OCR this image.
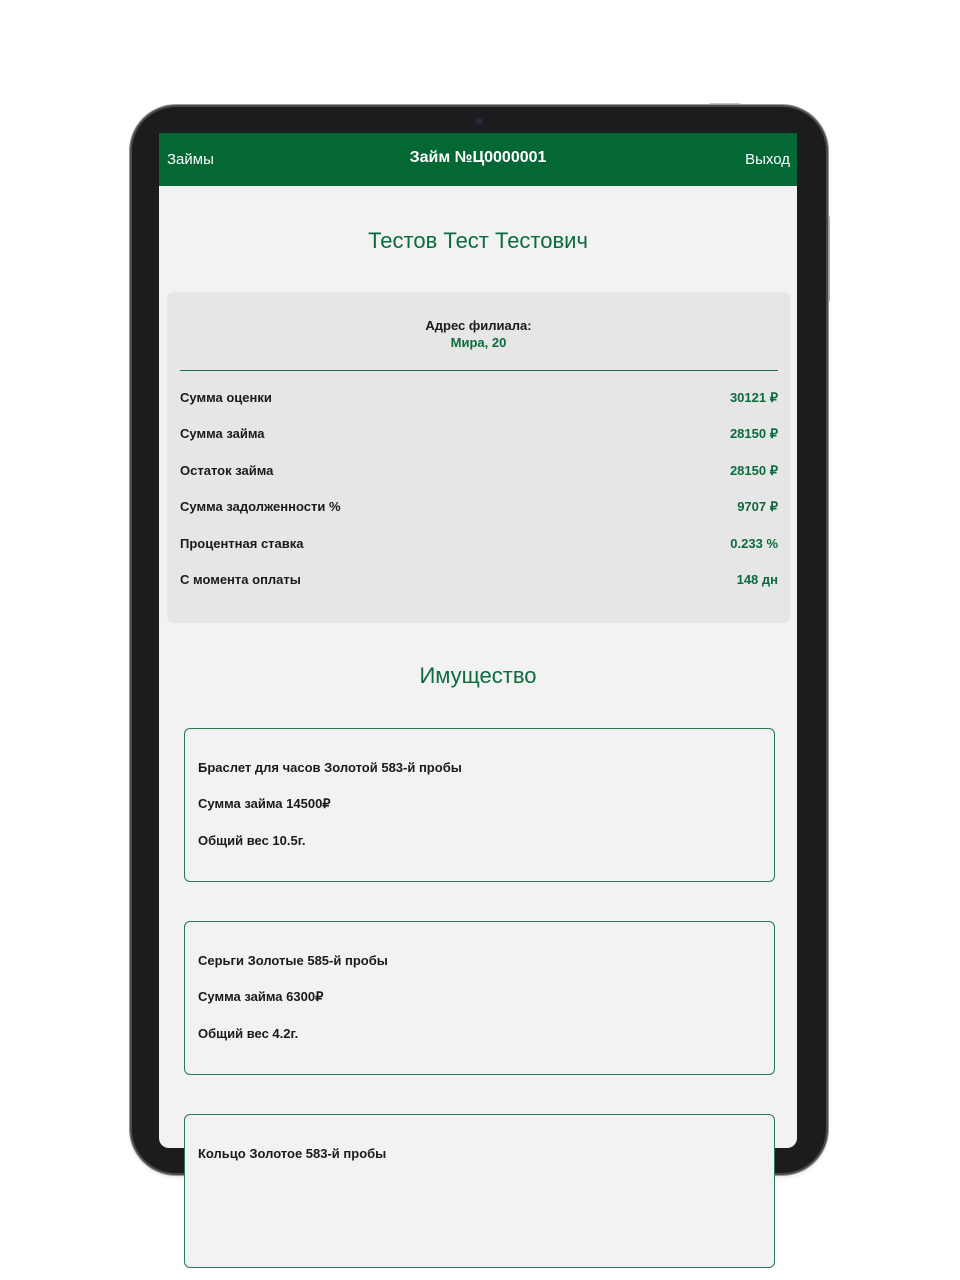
Займы	Займ №Ц0000001	Выход
Тестов Тест Тестович
Адрес филиала:
Мира, 20
Сумма оценки	30121 ₽
Сумма займа	28150 ₽
Остаток займа	28150 ₽
Сумма задолженности %	9707 ₽
Процентная ставка	0.233 %
С момента оплаты	148 дн
Имущество
Браслет для часов Золотой 583-й пробы
Сумма займа 14500₽
Общий вес 10.5г.
Серьги Золотые 585-й пробы
Сумма займа 6300₽
Общий вес 4.2г.
Кольцо Золотое 583-й пробы
